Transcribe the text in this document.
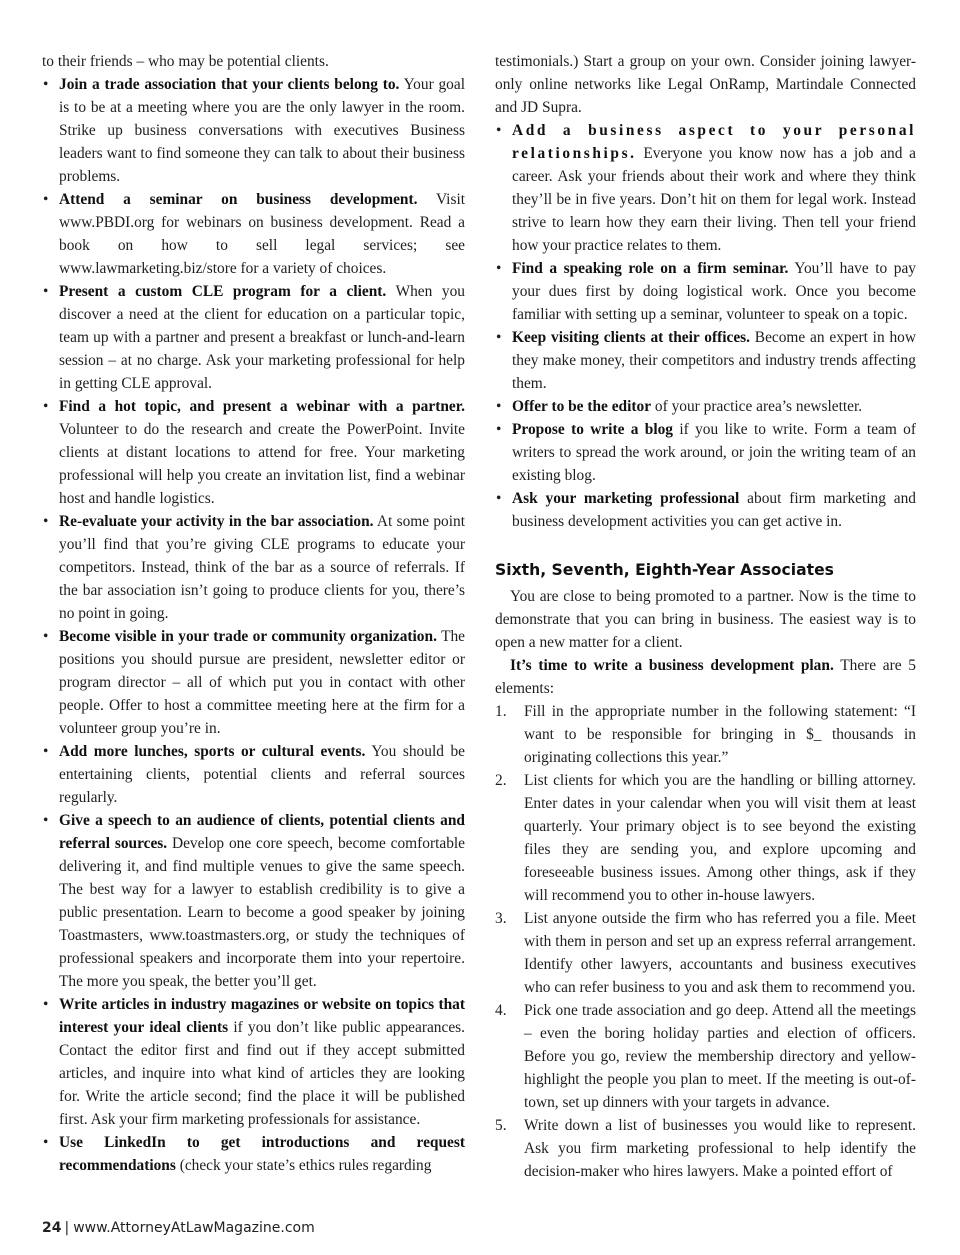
to their friends – who may be potential clients.

• Join a trade association that your clients belong to. Your goal is to be at a meeting where you are the only lawyer in the room. Strike up business conversations with executives Business leaders want to find someone they can talk to about their business problems.
• Attend a seminar on business development. Visit www.PBDI.org for webinars on business development. Read a book on how to sell legal services; see www.lawmarketing.biz/store for a variety of choices.
• Present a custom CLE program for a client. When you discover a need at the client for education on a particular topic, team up with a partner and present a breakfast or lunch-and-learn session – at no charge. Ask your marketing professional for help in getting CLE approval.
• Find a hot topic, and present a webinar with a partner. Volunteer to do the research and create the PowerPoint. Invite clients at distant locations to attend for free. Your marketing professional will help you create an invitation list, find a webinar host and handle logistics.
• Re-evaluate your activity in the bar association. At some point you’ll find that you’re giving CLE programs to educate your competitors. Instead, think of the bar as a source of referrals. If the bar association isn’t going to produce clients for you, there’s no point in going.
• Become visible in your trade or community organization. The positions you should pursue are president, newsletter editor or program director – all of which put you in contact with other people. Offer to host a committee meeting here at the firm for a volunteer group you’re in.
• Add more lunches, sports or cultural events. You should be entertaining clients, potential clients and referral sources regularly.
• Give a speech to an audience of clients, potential clients and referral sources. Develop one core speech, become comfortable delivering it, and find multiple venues to give the same speech. The best way for a lawyer to establish credibility is to give a public presentation. Learn to become a good speaker by joining Toastmasters, www.toastmasters.org, or study the techniques of professional speakers and incorporate them into your repertoire. The more you speak, the better you’ll get.
• Write articles in industry magazines or website on topics that interest your ideal clients if you don’t like public appearances. Contact the editor first and find out if they accept submitted articles, and inquire into what kind of articles they are looking for. Write the article second; find the place it will be published first. Ask your firm marketing professionals for assistance.
• Use LinkedIn to get introductions and request recommendations (check your state’s ethics rules regarding

testimonials.) Start a group on your own. Consider joining lawyer-only online networks like Legal OnRamp, Martindale Connected and JD Supra.

• Add a business aspect to your personal relationships. Everyone you know now has a job and a career. Ask your friends about their work and where they think they’ll be in five years. Don’t hit on them for legal work. Instead strive to learn how they earn their living. Then tell your friend how your practice relates to them.
• Find a speaking role on a firm seminar. You’ll have to pay your dues first by doing logistical work. Once you become familiar with setting up a seminar, volunteer to speak on a topic.
• Keep visiting clients at their offices. Become an expert in how they make money, their competitors and industry trends affecting them.
• Offer to be the editor of your practice area’s newsletter.
• Propose to write a blog if you like to write. Form a team of writers to spread the work around, or join the writing team of an existing blog.
• Ask your marketing professional about firm marketing and business development activities you can get active in.
Sixth, Seventh, Eighth-Year Associates

You are close to being promoted to a partner. Now is the time to demonstrate that you can bring in business. The easiest way is to open a new matter for a client.

It’s time to write a business development plan. There are 5 elements:

1. Fill in the appropriate number in the following statement: “I want to be responsible for bringing in $_ thousands in originating collections this year.”
2. List clients for which you are the handling or billing attorney. Enter dates in your calendar when you will visit them at least quarterly. Your primary object is to see beyond the existing files they are sending you, and explore upcoming and foreseeable business issues. Among other things, ask if they will recommend you to other in-house lawyers.
3. List anyone outside the firm who has referred you a file. Meet with them in person and set up an express referral arrangement. Identify other lawyers, accountants and business executives who can refer business to you and ask them to recommend you.
4. Pick one trade association and go deep. Attend all the meetings – even the boring holiday parties and election of officers. Before you go, review the membership directory and yellow-highlight the people you plan to meet. If the meeting is out-of-town, set up dinners with your targets in advance.
5. Write down a list of businesses you would like to represent. Ask you firm marketing professional to help identify the decision-maker who hires lawyers. Make a pointed effort of
24 | www.AttorneyAtLawMagazine.com
